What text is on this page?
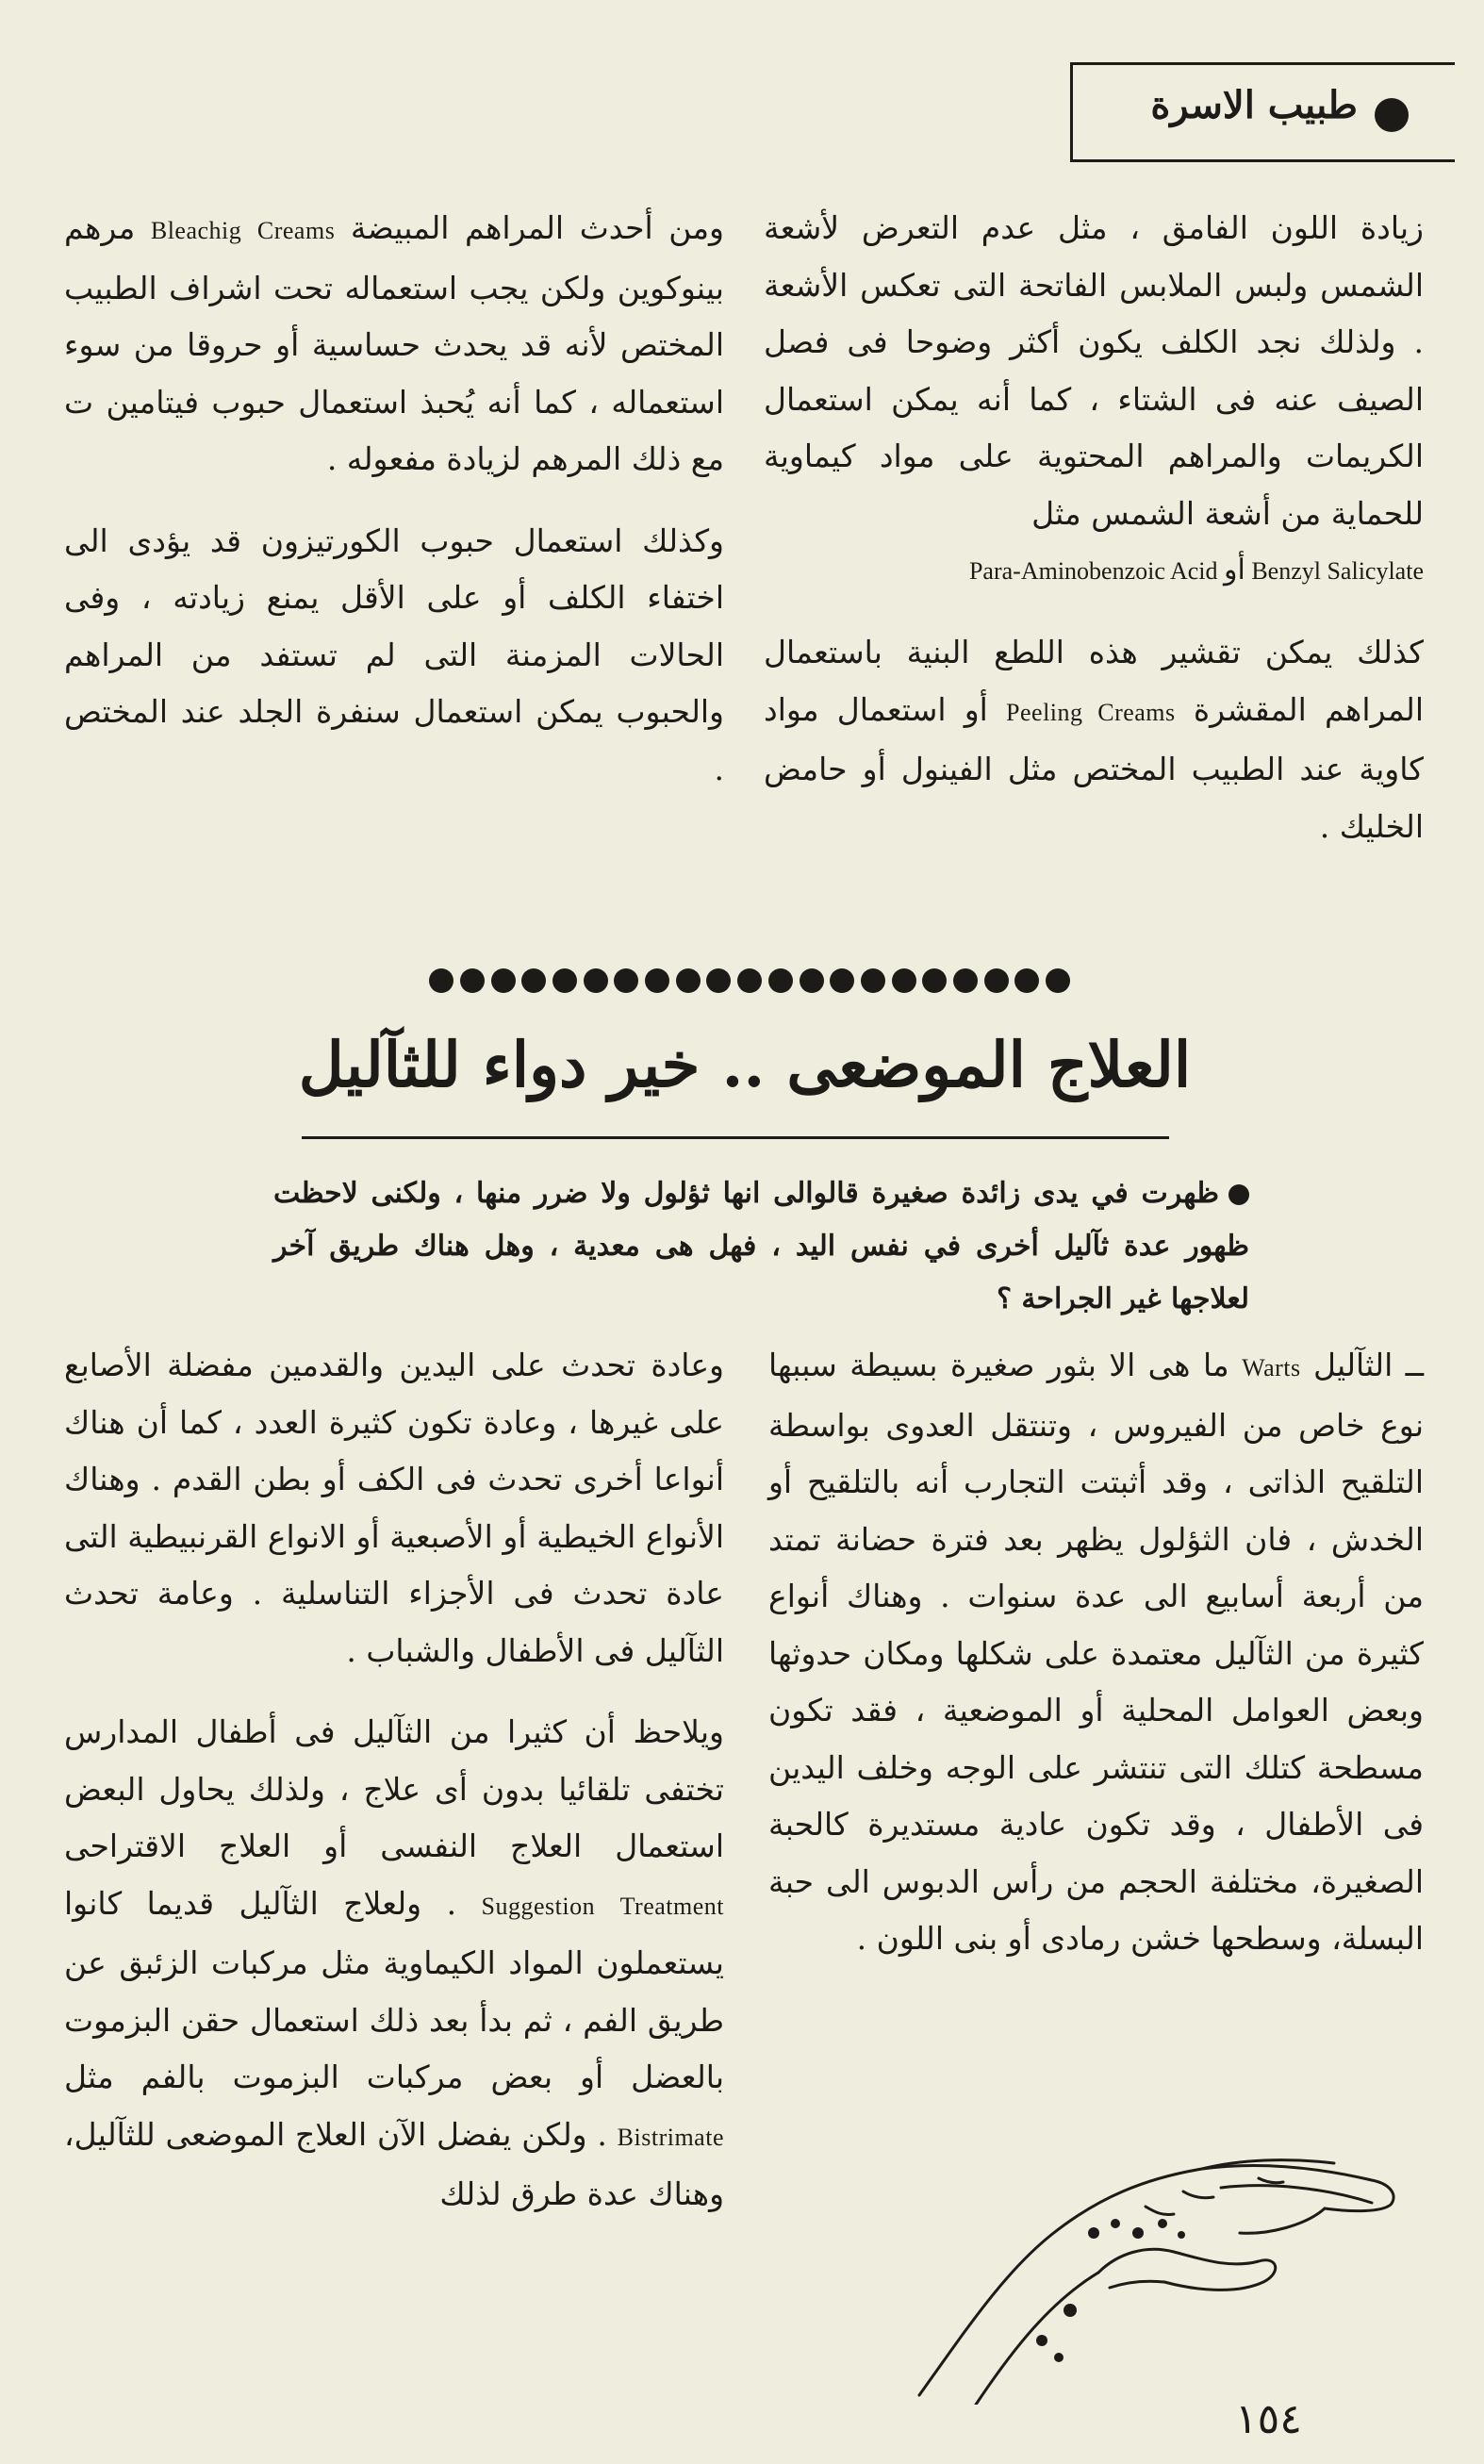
طبيب الاسرة

زيادة اللون الفامق ، مثل عدم التعرض لأشعة الشمس ولبس الملابس الفاتحة التى تعكس الأشعة . ولذلك نجد الكلف يكون أكثر وضوحا فى فصل الصيف عنه فى الشتاء ، كما أنه يمكن استعمال الكريمات والمراهم المحتوية على مواد كيماوية للحماية من أشعة الشمس مثل

Para-Aminobenzoic Acid أو Benzyl Salicylate

كذلك يمكن تقشير هذه اللطع البنية باستعمال المراهم المقشرة Peeling Creams أو استعمال مواد كاوية عند الطبيب المختص مثل الفينول أو حامض الخليك .

ومن أحدث المراهم المبيضة Bleachig Creams مرهم بينوكوين ولكن يجب استعماله تحت اشراف الطبيب المختص لأنه قد يحدث حساسية أو حروقا من سوء استعماله ، كما أنه يُحبذ استعمال حبوب فيتامين ت مع ذلك المرهم لزيادة مفعوله .

وكذلك استعمال حبوب الكورتيزون قد يؤدى الى اختفاء الكلف أو على الأقل يمنع زيادته ، وفى الحالات المزمنة التى لم تستفد من المراهم والحبوب يمكن استعمال سنفرة الجلد عند المختص .

العلاج الموضعى .. خير دواء للثآليل
ظهرت في يدى زائدة صغيرة قالوالى انها ثؤلول ولا ضرر منها ، ولكنى لاحظت ظهور عدة ثآليل أخرى في نفس اليد ، فهل هى معدية ، وهل هناك طريق آخر لعلاجها غير الجراحة ؟

ــ الثآليل Warts ما هى الا بثور صغيرة بسيطة سببها نوع خاص من الفيروس ، وتنتقل العدوى بواسطة التلقيح الذاتى ، وقد أثبتت التجارب أنه بالتلقيح أو الخدش ، فان الثؤلول يظهر بعد فترة حضانة تمتد من أربعة أسابيع الى عدة سنوات . وهناك أنواع كثيرة من الثآليل معتمدة على شكلها ومكان حدوثها وبعض العوامل المحلية أو الموضعية ، فقد تكون مسطحة كتلك التى تنتشر على الوجه وخلف اليدين فى الأطفال ، وقد تكون عادية مستديرة كالحبة الصغيرة، مختلفة الحجم من رأس الدبوس الى حبة البسلة، وسطحها خشن رمادى أو بنى اللون .

وعادة تحدث على اليدين والقدمين مفضلة الأصابع على غيرها ، وعادة تكون كثيرة العدد ، كما أن هناك أنواعا أخرى تحدث فى الكف أو بطن القدم . وهناك الأنواع الخيطية أو الأصبعية أو الانواع القرنبيطية التى عادة تحدث فى الأجزاء التناسلية . وعامة تحدث الثآليل فى الأطفال والشباب .

ويلاحظ أن كثيرا من الثآليل فى أطفال المدارس تختفى تلقائيا بدون أى علاج ، ولذلك يحاول البعض استعمال العلاج النفسى أو العلاج الاقتراحى Suggestion Treatment . ولعلاج الثآليل قديما كانوا يستعملون المواد الكيماوية مثل مركبات الزئبق عن طريق الفم ، ثم بدأ بعد ذلك استعمال حقن البزموت بالعضل أو بعض مركبات البزموت بالفم مثل Bistrimate . ولكن يفضل الآن العلاج الموضعى للثآليل، وهناك عدة طرق لذلك

١٥٤
